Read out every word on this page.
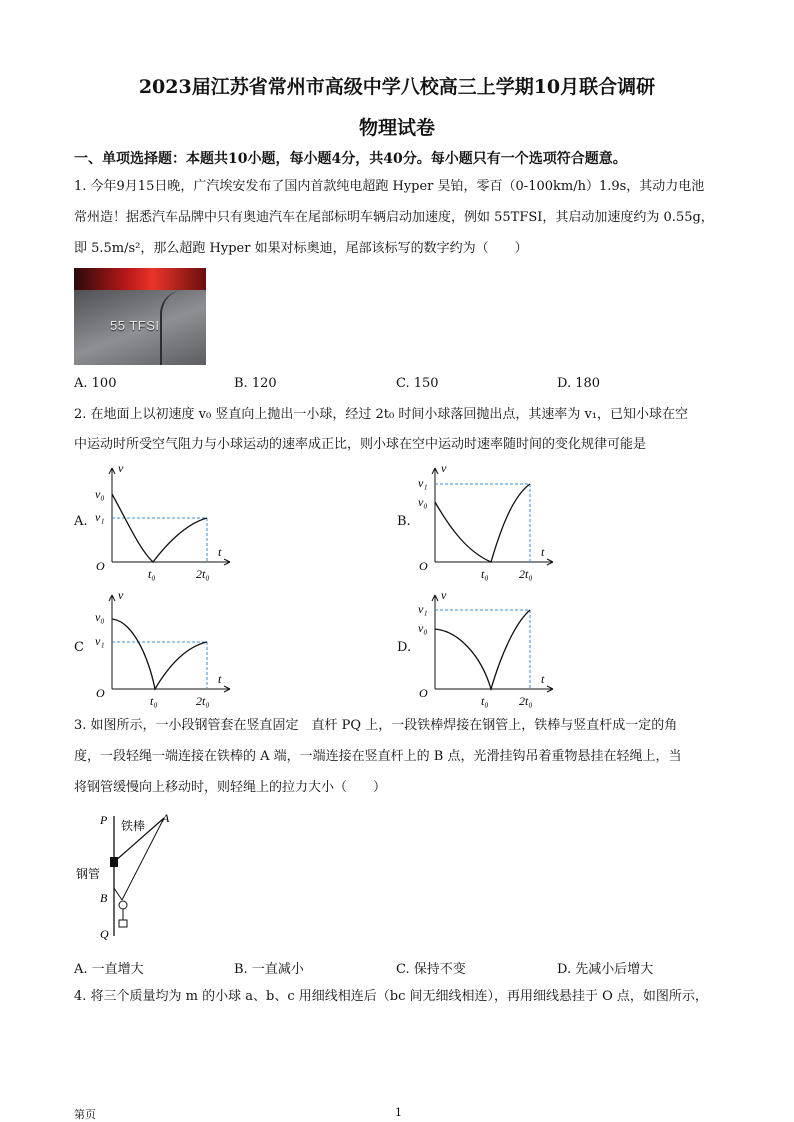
2023届江苏省常州市高级中学八校高三上学期10月联合调研
物理试卷
一、单项选择题：本题共10小题，每小题4分，共40分。每小题只有一个选项符合题意。
1. 今年9月15日晚，广汽埃安发布了国内首款纯电超跑 Hyper 昊铂，零百（0-100km/h）1.9s，其动力电池
常州造！据悉汽车品牌中只有奥迪汽车在尾部标明车辆启动加速度，例如 55TFSI，其启动加速度约为 0.55g，
即 5.5m/s²，那么超跑 Hyper 如果对标奥迪，尾部该标写的数字约为（　　）
55 TFSI
A. 100	B. 120	C. 150	D. 180
2. 在地面上以初速度 v₀ 竖直向上抛出一小球，经过 2t₀ 时间小球落回抛出点，其速率为 v₁，已知小球在空
中运动时所受空气阻力与小球运动的速率成正比，则小球在空中运动时速率随时间的变化规律可能是
A.	B.
C	D.
v
t
O
v₀
v₁
t₀	2t₀
v
t
O
v₁
v₀
t₀	2t₀
v
t
O
v₀
v₁
t₀	2t₀
v
t
O
v₁
v₀
t₀	2t₀
3. 如图所示，一小段钢管套在竖直固定　直杆 PQ 上，一段铁棒焊接在钢管上，铁棒与竖直杆成一定的角
度，一段轻绳一端连接在铁棒的 A 端，一端连接在竖直杆上的 B 点，光滑挂钩吊着重物悬挂在轻绳上，当
将钢管缓慢向上移动时，则轻绳上的拉力大小（　　）
P	A
铁棒
钢管
B
Q
A. 一直增大	B. 一直减小	C. 保持不变	D. 先减小后增大
4. 将三个质量均为 m 的小球 a、b、c 用细线相连后（bc 间无细线相连），再用细线悬挂于 O 点，如图所示，
第页	1
